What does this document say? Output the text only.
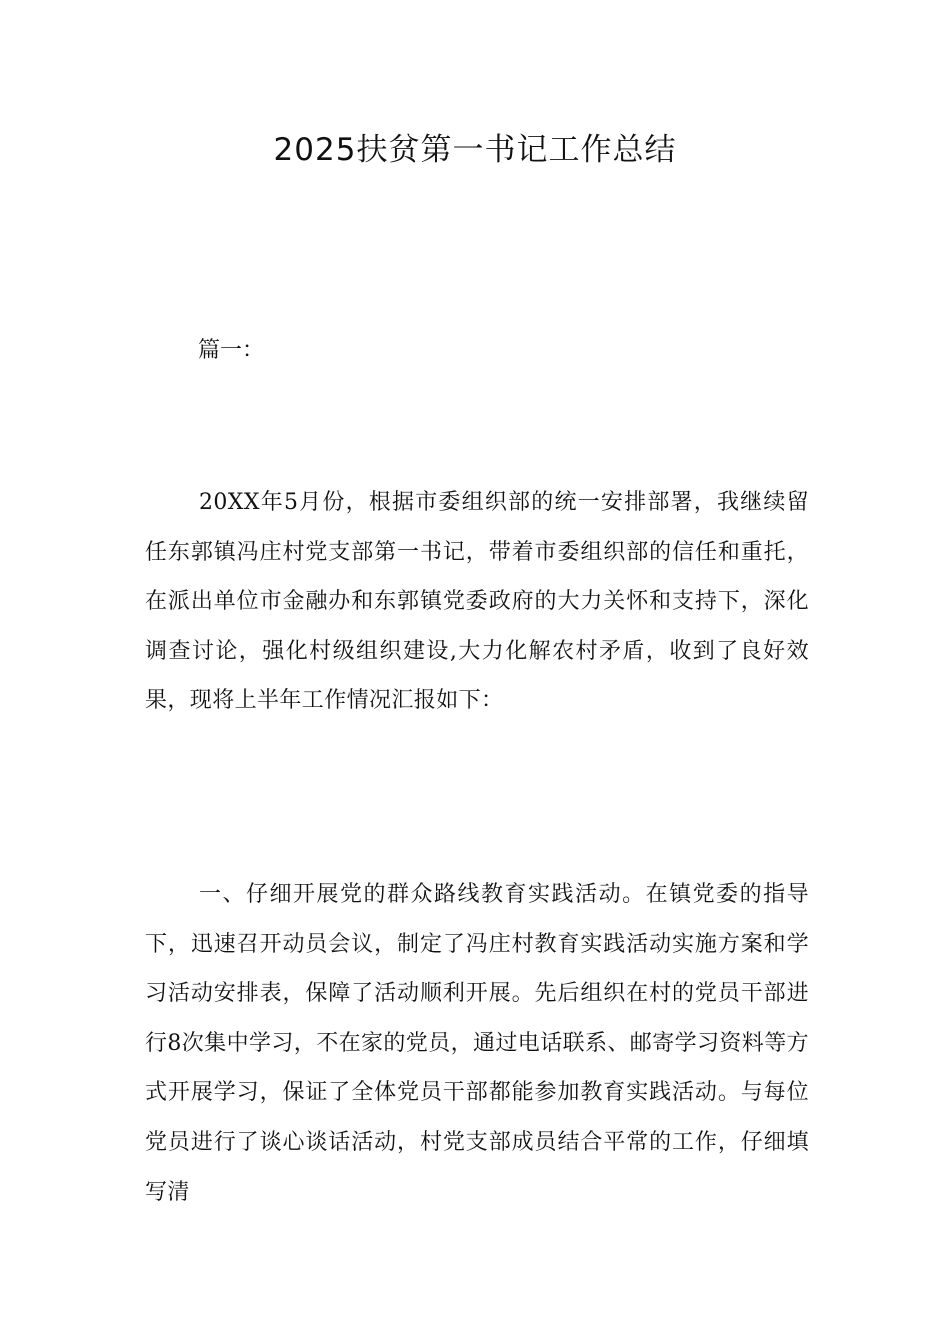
2025扶贫第一书记工作总结

篇一：

20XX年5月份，根据市委组织部的统一安排部署，我继续留任东郭镇冯庄村党支部第一书记，带着市委组织部的信任和重托，在派出单位市金融办和东郭镇党委政府的大力关怀和支持下，深化调查讨论，强化村级组织建设,大力化解农村矛盾，收到了良好效果，现将上半年工作情况汇报如下：

一、仔细开展党的群众路线教育实践活动。在镇党委的指导下，迅速召开动员会议，制定了冯庄村教育实践活动实施方案和学习活动安排表，保障了活动顺利开展。先后组织在村的党员干部进行8次集中学习，不在家的党员，通过电话联系、邮寄学习资料等方式开展学习，保证了全体党员干部都能参加教育实践活动。与每位党员进行了谈心谈话活动，村党支部成员结合平常的工作，仔细填写清
